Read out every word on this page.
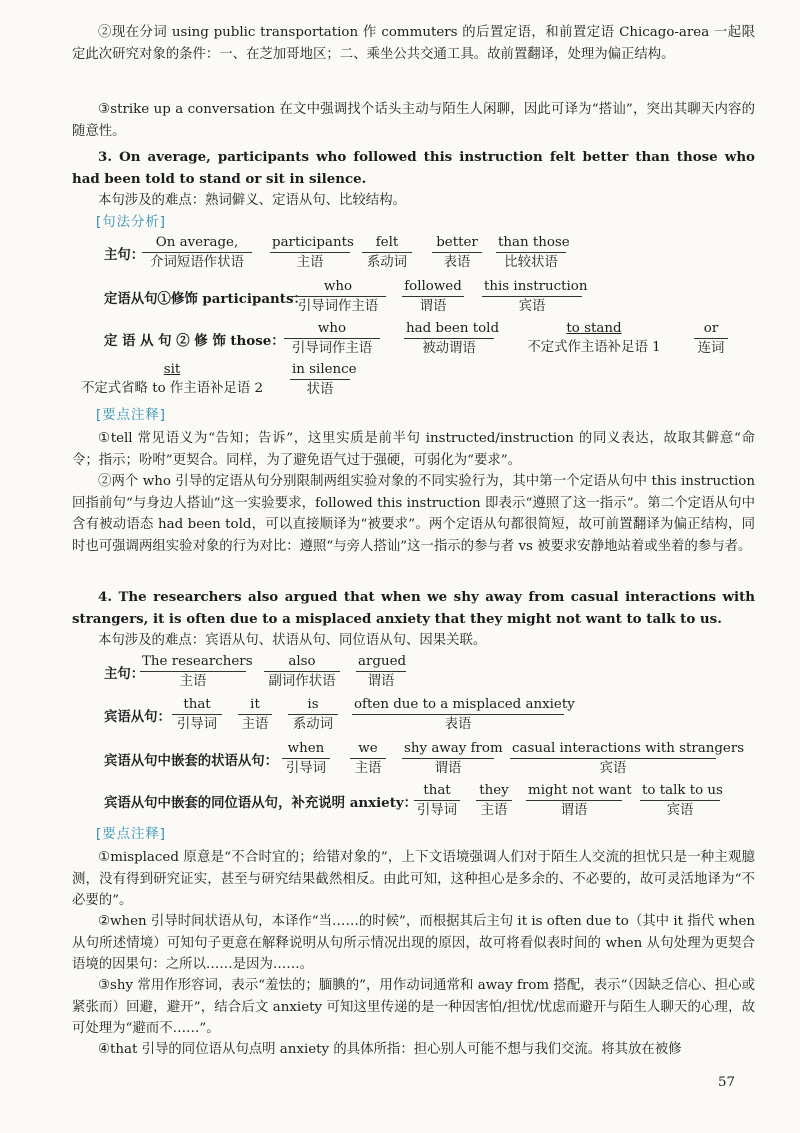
②现在分词 using public transportation 作 commuters 的后置定语，和前置定语 Chicago-area 一起限定此次研究对象的条件：一、在芝加哥地区；二、乘坐公共交通工具。故前置翻译，处理为偏正结构。

③strike up a conversation 在文中强调找个话头主动与陌生人闲聊，因此可译为“搭讪”，突出其聊天内容的随意性。

3. On average, participants who followed this instruction felt better than those who had been told to stand or sit in silence.

本句涉及的难点：熟词僻义、定语从句、比较结构。

[句法分析]
主句：
On average,
介词短语作状语
participants
主语
felt
系动词
better
表语
than those
比较状语
定语从句①修饰 participants：
who
引导词作主语
followed
谓语
this instruction
宾语
定 语 从 句 ② 修 饰 those：
who
引导词作主语
had been told
被动谓语
to stand
不定式作主语补足语 1
or
连词
sit
不定式省略 to 作主语补足语 2
in silence
状语
[要点注释]

①tell 常见语义为“告知；告诉”，这里实质是前半句 instructed/instruction 的同义表达，故取其僻意“命令；指示；吩咐”更契合。同样，为了避免语气过于强硬，可弱化为“要求”。

②两个 who 引导的定语从句分别限制两组实验对象的不同实验行为，其中第一个定语从句中 this instruction 回指前句“与身边人搭讪”这一实验要求，followed this instruction 即表示“遵照了这一指示”。第二个定语从句中含有被动语态 had been told，可以直接顺译为“被要求”。两个定语从句都很简短，故可前置翻译为偏正结构，同时也可强调两组实验对象的行为对比：遵照“与旁人搭讪”这一指示的参与者 vs 被要求安静地站着或坐着的参与者。

4. The researchers also argued that when we shy away from casual interactions with strangers, it is often due to a misplaced anxiety that they might not want to talk to us.

本句涉及的难点：宾语从句、状语从句、同位语从句、因果关联。

主句：
The researchers
主语
also
副词作状语
argued
谓语
宾语从句：
that
引导词
it
主语
is
系动词
often due to a misplaced anxiety
表语
宾语从句中嵌套的状语从句：
when
引导词
we
主语
shy away from
谓语
casual interactions with strangers
宾语
宾语从句中嵌套的同位语从句，补充说明 anxiety：
that
引导词
they
主语
might not want
谓语
to talk to us
宾语
[要点注释]

①misplaced 原意是“不合时宜的；给错对象的”，上下文语境强调人们对于陌生人交流的担忧只是一种主观臆测，没有得到研究证实，甚至与研究结果截然相反。由此可知，这种担心是多余的、不必要的，故可灵活地译为“不必要的”。

②when 引导时间状语从句，本译作“当……的时候”，而根据其后主句 it is often due to（其中 it 指代 when 从句所述情境）可知句子更意在解释说明从句所示情况出现的原因，故可将看似表时间的 when 从句处理为更契合语境的因果句：之所以……是因为……。

③shy 常用作形容词，表示“羞怯的；腼腆的”，用作动词通常和 away from 搭配，表示“（因缺乏信心、担心或紧张而）回避，避开”，结合后文 anxiety 可知这里传递的是一种因害怕/担忧/忧虑而避开与陌生人聊天的心理，故可处理为“避而不……”。

④that 引导的同位语从句点明 anxiety 的具体所指：担心别人可能不想与我们交流。将其放在被修

57
